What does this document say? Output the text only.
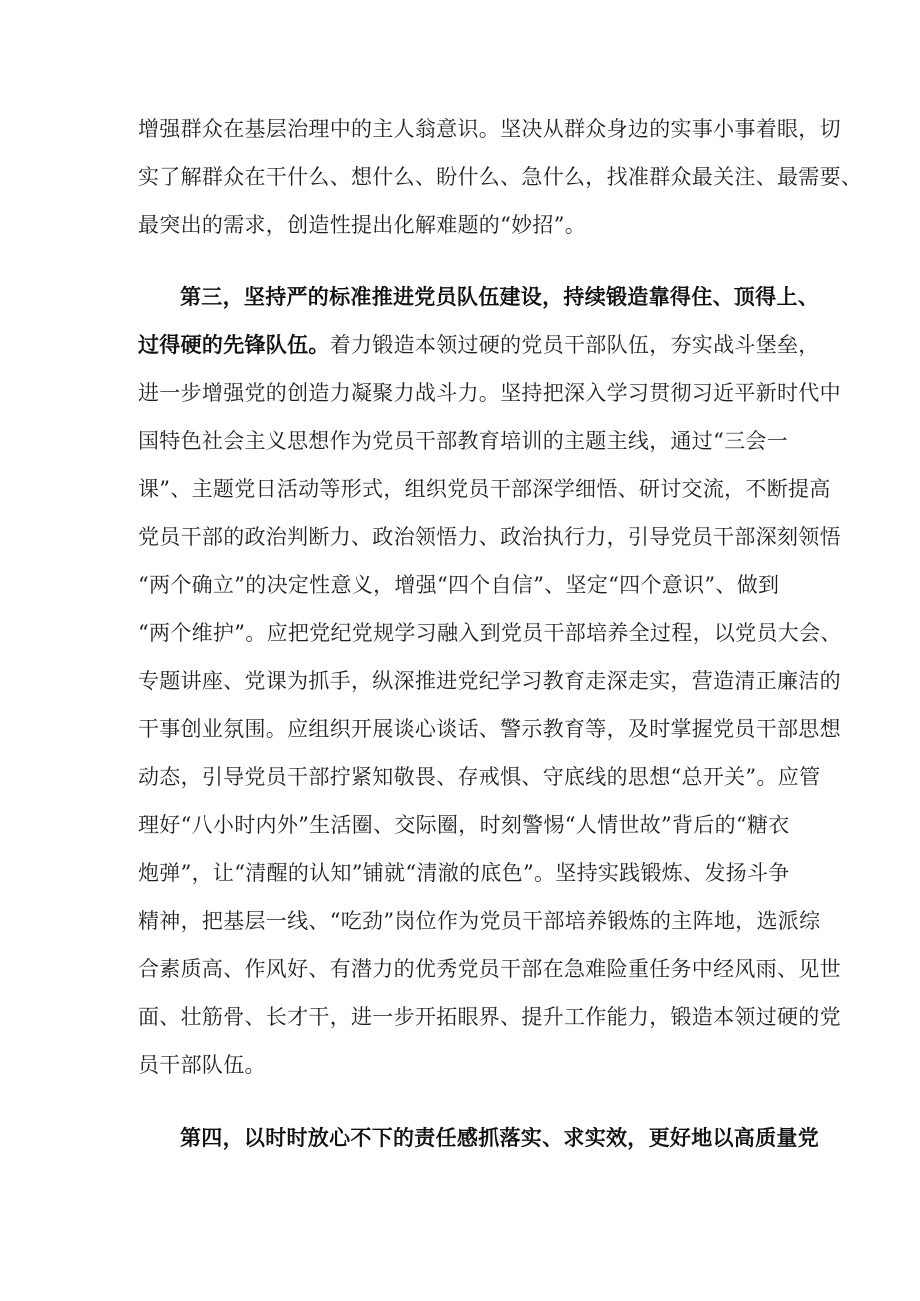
增强群众在基层治理中的主人翁意识。坚决从群众身边的实事小事着眼，切
实了解群众在干什么、想什么、盼什么、急什么，找准群众最关注、最需要、
最突出的需求，创造性提出化解难题的“妙招”。
第三，坚持严的标准推进党员队伍建设，持续锻造靠得住、顶得上、
过得硬的先锋队伍。着力锻造本领过硬的党员干部队伍，夯实战斗堡垒，
进一步增强党的创造力凝聚力战斗力。坚持把深入学习贯彻习近平新时代中
国特色社会主义思想作为党员干部教育培训的主题主线，通过“三会一
课”、主题党日活动等形式，组织党员干部深学细悟、研讨交流，不断提高
党员干部的政治判断力、政治领悟力、政治执行力，引导党员干部深刻领悟
“两个确立”的决定性意义，增强“四个自信”、坚定“四个意识”、做到
“两个维护”。应把党纪党规学习融入到党员干部培养全过程，以党员大会、
专题讲座、党课为抓手，纵深推进党纪学习教育走深走实，营造清正廉洁的
干事创业氛围。应组织开展谈心谈话、警示教育等，及时掌握党员干部思想
动态，引导党员干部拧紧知敬畏、存戒惧、守底线的思想“总开关”。应管
理好“八小时内外”生活圈、交际圈，时刻警惕“人情世故”背后的“糖衣
炮弹”，让“清醒的认知”铺就“清澈的底色”。坚持实践锻炼、发扬斗争
精神，把基层一线、“吃劲”岗位作为党员干部培养锻炼的主阵地，选派综
合素质高、作风好、有潜力的优秀党员干部在急难险重任务中经风雨、见世
面、壮筋骨、长才干，进一步开拓眼界、提升工作能力，锻造本领过硬的党
员干部队伍。
第四，以时时放心不下的责任感抓落实、求实效，更好地以高质量党
